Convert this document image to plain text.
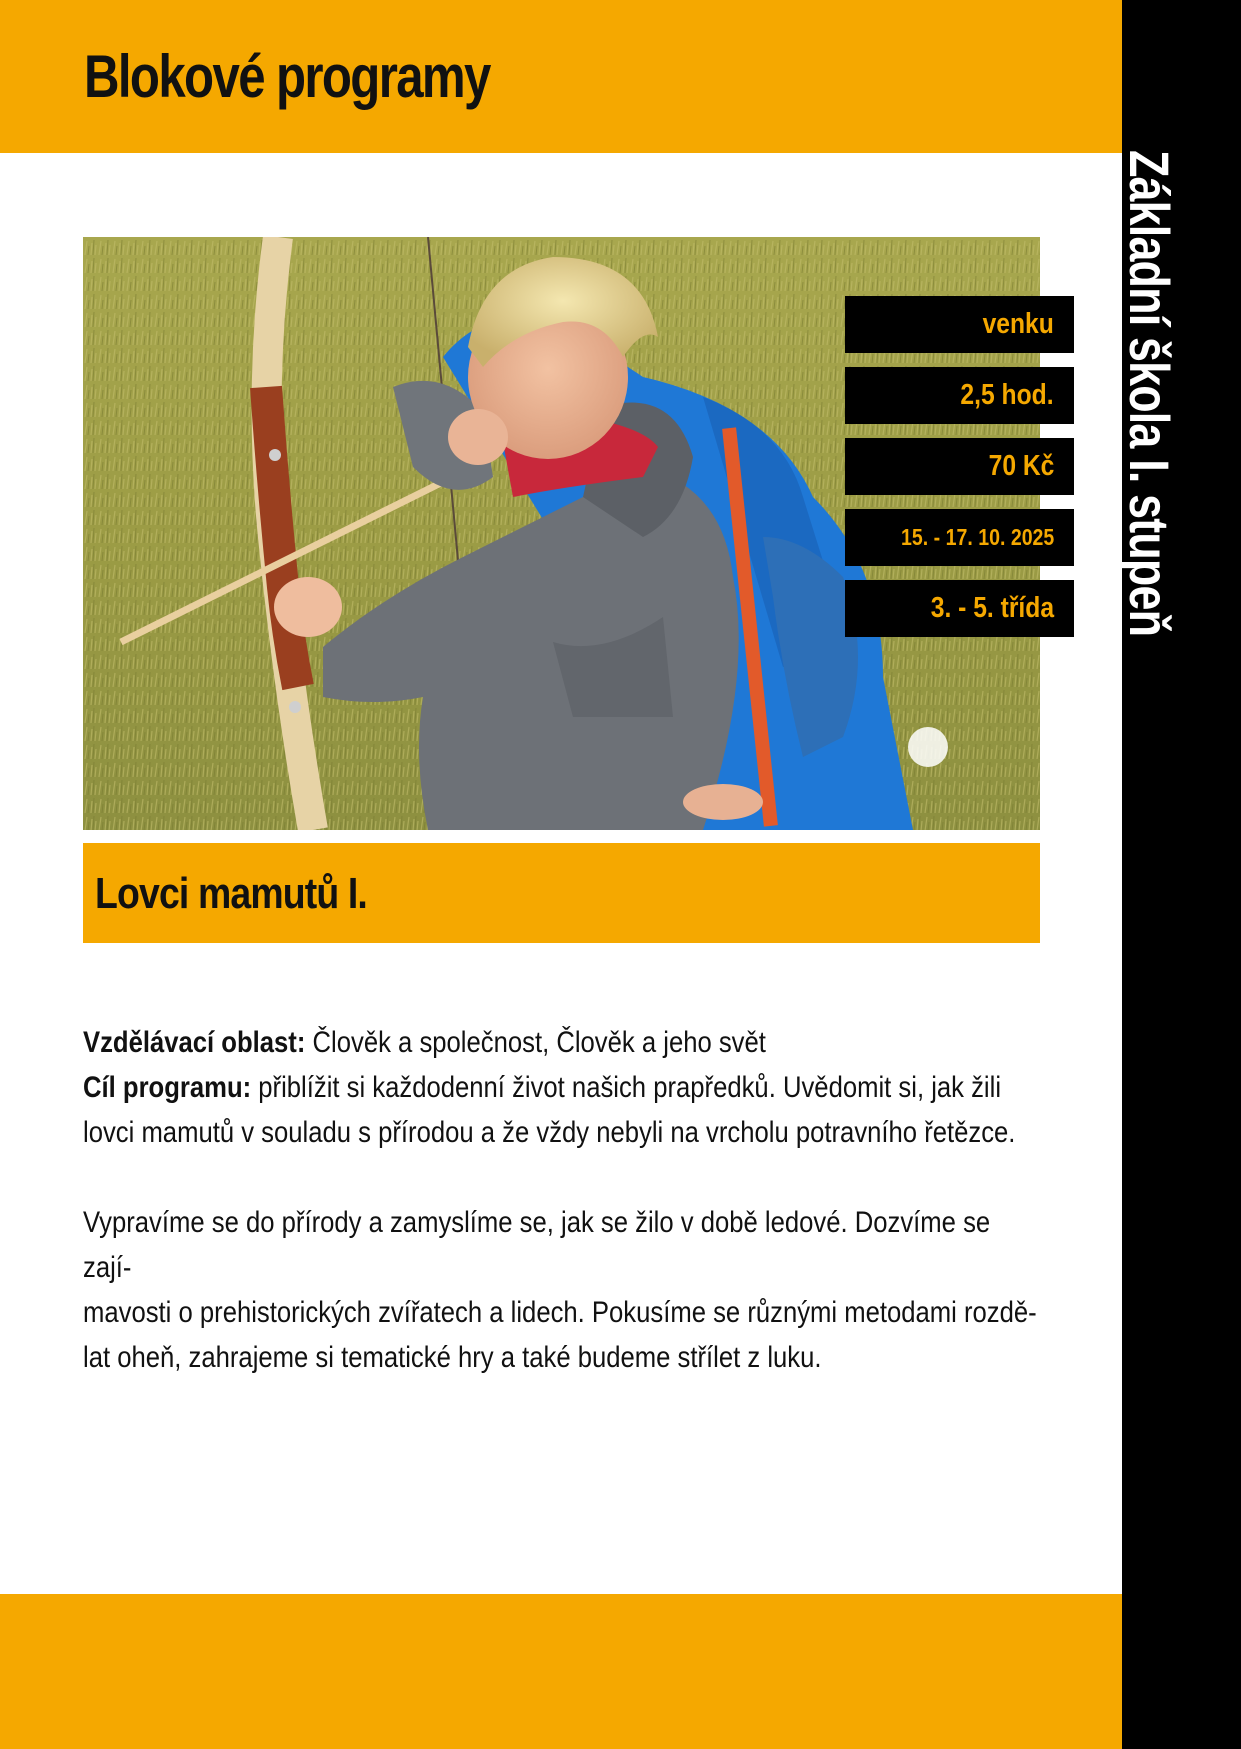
Blokové programy
Základní škola I. stupeň
venku
2,5 hod.
70 Kč
15. - 17. 10. 2025
3. - 5. třída
Lovci mamutů I.

Vzdělávací oblast: Člověk a společnost, Člověk a jeho svět

Cíl programu: přiblížit si každodenní život našich prapředků. Uvědomit si, jak žili

lovci mamutů v souladu s přírodou a že vždy nebyli na vrcholu potravního řetězce.

Vypravíme se do přírody a zamyslíme se, jak se žilo v době ledové. Dozvíme se zají-

mavosti o prehistorických zvířatech a lidech. Pokusíme se různými metodami rozdě-

lat oheň, zahrajeme si tematické hry a také budeme střílet z luku.
